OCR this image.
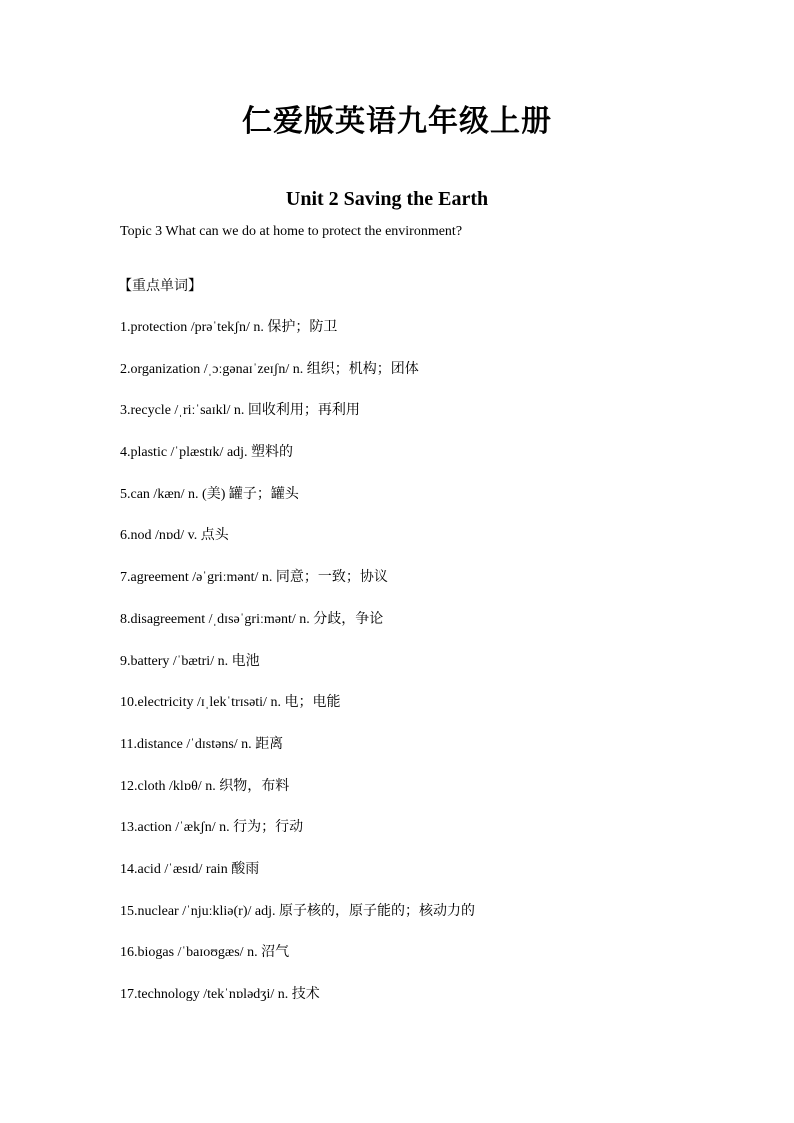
仁爱版英语九年级上册
Unit 2 Saving the Earth

Topic 3 What can we do at home to protect the environment?

【重点单词】

1.protection /prəˈtekʃn/ n. 保护；防卫
2.organization /ˌɔːgənaɪˈzeɪʃn/ n. 组织；机构；团体
3.recycle /ˌriːˈsaɪkl/ n. 回收利用；再利用
4.plastic /ˈplæstɪk/ adj. 塑料的
5.can /kæn/ n. (美) 罐子；罐头
6.nod /nɒd/ v. 点头
7.agreement /əˈgriːmənt/ n. 同意；一致；协议
8.disagreement /ˌdɪsəˈgriːmənt/ n. 分歧，争论
9.battery /ˈbætri/ n. 电池
10.electricity /ɪˌlekˈtrɪsəti/ n. 电；电能
11.distance /ˈdɪstəns/ n. 距离
12.cloth /klɒθ/ n. 织物，布料
13.action /ˈækʃn/ n. 行为；行动
14.acid /ˈæsɪd/ rain 酸雨
15.nuclear /ˈnjuːkliə(r)/ adj. 原子核的，原子能的；核动力的
16.biogas /ˈbaɪoʊgæs/ n. 沼气
17.technology /tekˈnɒlədʒi/ n. 技术
